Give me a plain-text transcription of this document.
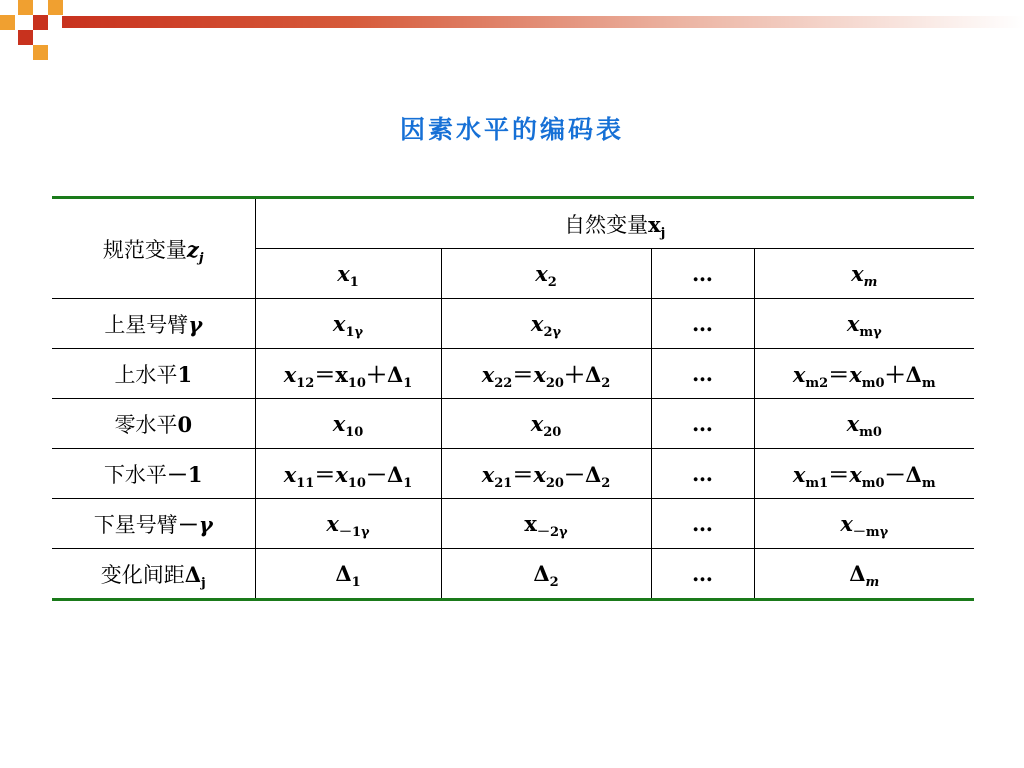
因素水平的编码表
规范变量$z_j$	自然变量$x_j$
	$x_1$	$x_2$	…	$x_m$
上星号臂γ	$x_{1\gamma}$	$x_{2\gamma}$	…	$x_{m\gamma}$
上水平1	$x_{12}=x_{10}+\Delta_1$	$x_{22}=x_{20}+\Delta_2$	…	$x_{m2}=x_{m0}+\Delta_m$
零水平0	$x_{10}$	$x_{20}$	…	$x_{m0}$
下水平－1	$x_{11}=x_{10}-\Delta_1$	$x_{21}=x_{20}-\Delta_2$	…	$x_{m1}=x_{m0}-\Delta_m$
下星号臂－γ	$x_{-1\gamma}$	$x_{-2\gamma}$	…	$x_{-m\gamma}$
变化间距$\Delta_j$	$\Delta_1$	$\Delta_2$	…	$\Delta_m$
